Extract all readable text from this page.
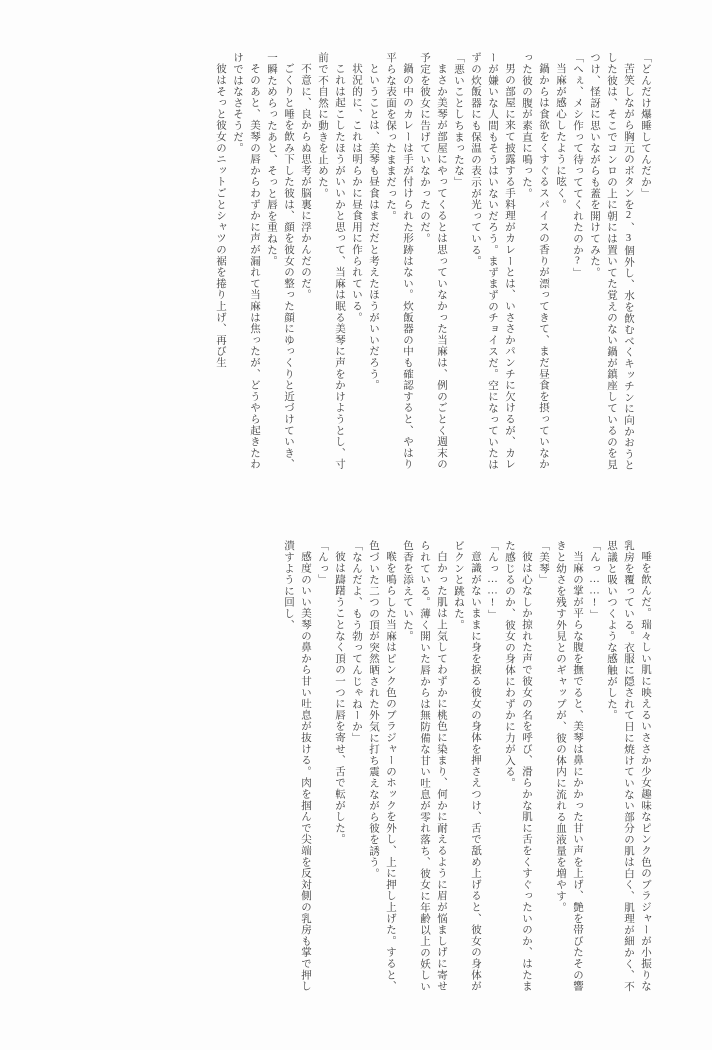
「どんだけ爆睡してんだか」

苦笑しながら胸元のボタンを2、3個外し、水を飲むべくキッチンに向かおうとした彼は、そこでコンロの上に朝には置いてた覚えのない鍋が鎮座しているのを見つけ、怪訝に思いながらも蓋を開けてみた。

「へぇ、メシ作って待っててくれたのか?」

当麻が感心したように呟く。

鍋からは食欲をくすぐるスパイスの香りが漂ってきて、まだ昼食を摂っていなかった彼の腹が素直に鳴った。

男の部屋に来て披露する手料理がカレーとは、いささかパンチに欠けるが、カレーが嫌いな人間もそうはいないだろう。まずまずのチョイスだ。空になっていたはずの炊飯器にも保温の表示が光っている。

「悪いことしちまったな」

まさか美琴が部屋にやってくるとは思っていなかった当麻は、例のごとく週末の予定を彼女に告げていなかったのだ。

鍋の中のカレーは手が付けられた形跡はない。炊飯器の中も確認すると、やはり平らな表面を保ったままだった。

ということは、美琴も昼食はまだだと考えたほうがいいだろう。

状況的に、これは明らかに昼食用に作られている。

これは起こしたほうがいいかと思って、当麻は眠る美琴に声をかけようとし、寸前で不自然に動きを止めた。

不意に、良からぬ思考が脳裏に浮かんだのだ。

ごくりと唾を飲み下した彼は、顔を彼女の整った顔にゆっくりと近づけていき、一瞬ためらったあと、そっと唇を重ねた。

そのあと、美琴の唇からわずかに声が漏れて当麻は焦ったが、どうやら起きたわけではなさそうだ。

彼はそっと彼女のニットごとシャツの裾を捲り上げ、再び生

唾を飲んだ。瑞々しい肌に映えるいささか少女趣味なピンク色のブラジャーが小振りな乳房を覆っている。衣服に隠されて日に焼けていない部分の肌は白く、肌理が細かく、不思議と吸いつくような感触がした。

「んっ……!」

当麻の掌が平らな腹を撫でると、美琴は鼻にかかった甘い声を上げ、艶を帯びたその響きと幼さを残す外見とのギャップが、彼の体内に流れる血液量を増やす。

「美琴」

彼は心なしか掠れた声で彼女の名を呼び、滑らかな肌に舌をくすぐったいのか、はたまた感じるのか、彼女の身体にわずかに力が入る。

「んっ……!」

意識がないままに身を捩る彼女の身体を押さえつけ、舌で舐め上げると、彼女の身体がビクンと跳ねた。

白かった肌は上気してわずかに桃色に染まり、何かに耐えるように眉が悩ましげに寄せられている。薄く開いた唇からは無防備な甘い吐息が零れ落ち、彼女に年齢以上の妖しい色香を添えていた。

喉を鳴らした当麻はピンク色のブラジャーのホックを外し、上に押し上げた。すると、色づいた二つの頂が突然晒された外気に打ち震えながら彼を誘う。

「なんだよ、もう勃ってんじゃねーか」

彼は躊躇うことなく頂の一つに唇を寄せ、舌で転がした。

「んっ」

感度のいい美琴の鼻から甘い吐息が抜ける。肉を掴んで尖端を反対側の乳房も掌で押し潰すように回し、
